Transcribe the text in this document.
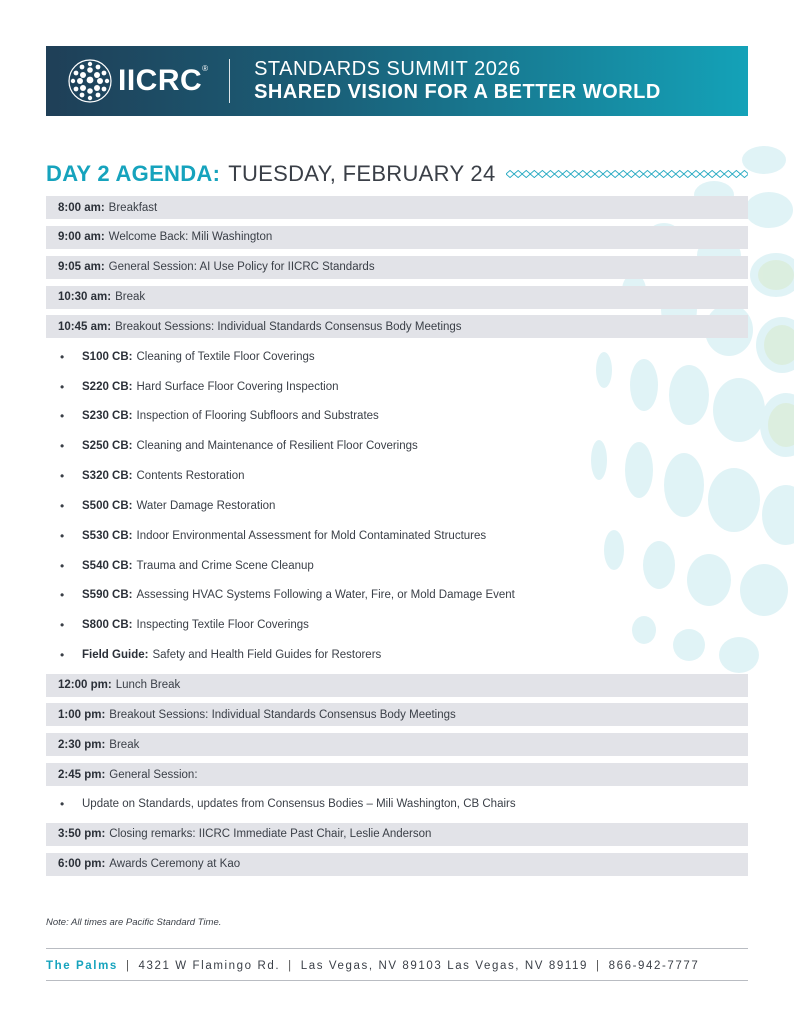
IICRC® STANDARDS SUMMIT 2026
SHARED VISION FOR A BETTER WORLD
DAY 2 AGENDA: TUESDAY, FEBRUARY 24
8:00 am: Breakfast
9:00 am: Welcome Back: Mili Washington
9:05 am: General Session: AI Use Policy for IICRC Standards
10:30 am: Break
10:45 am: Breakout Sessions: Individual Standards Consensus Body Meetings
•	S100 CB: Cleaning of Textile Floor Coverings
•	S220 CB: Hard Surface Floor Covering Inspection
•	S230 CB: Inspection of Flooring Subfloors and Substrates
•	S250 CB: Cleaning and Maintenance of Resilient Floor Coverings
•	S320 CB: Contents Restoration
•	S500 CB: Water Damage Restoration
•	S530 CB: Indoor Environmental Assessment for Mold Contaminated Structures
•	S540 CB: Trauma and Crime Scene Cleanup
•	S590 CB: Assessing HVAC Systems Following a Water, Fire, or Mold Damage Event
•	S800 CB: Inspecting Textile Floor Coverings
•	Field Guide: Safety and Health Field Guides for Restorers
12:00 pm: Lunch Break
1:00 pm: Breakout Sessions: Individual Standards Consensus Body Meetings
2:30 pm: Break
2:45 pm: General Session:
•	Update on Standards, updates from Consensus Bodies – Mili Washington, CB Chairs
3:50 pm: Closing remarks: IICRC Immediate Past Chair, Leslie Anderson
6:00 pm: Awards Ceremony at Kao
Note: All times are Pacific Standard Time.
The Palms | 4321 W Flamingo Rd. | Las Vegas, NV 89103 Las Vegas, NV 89119 | 866-942-7777
